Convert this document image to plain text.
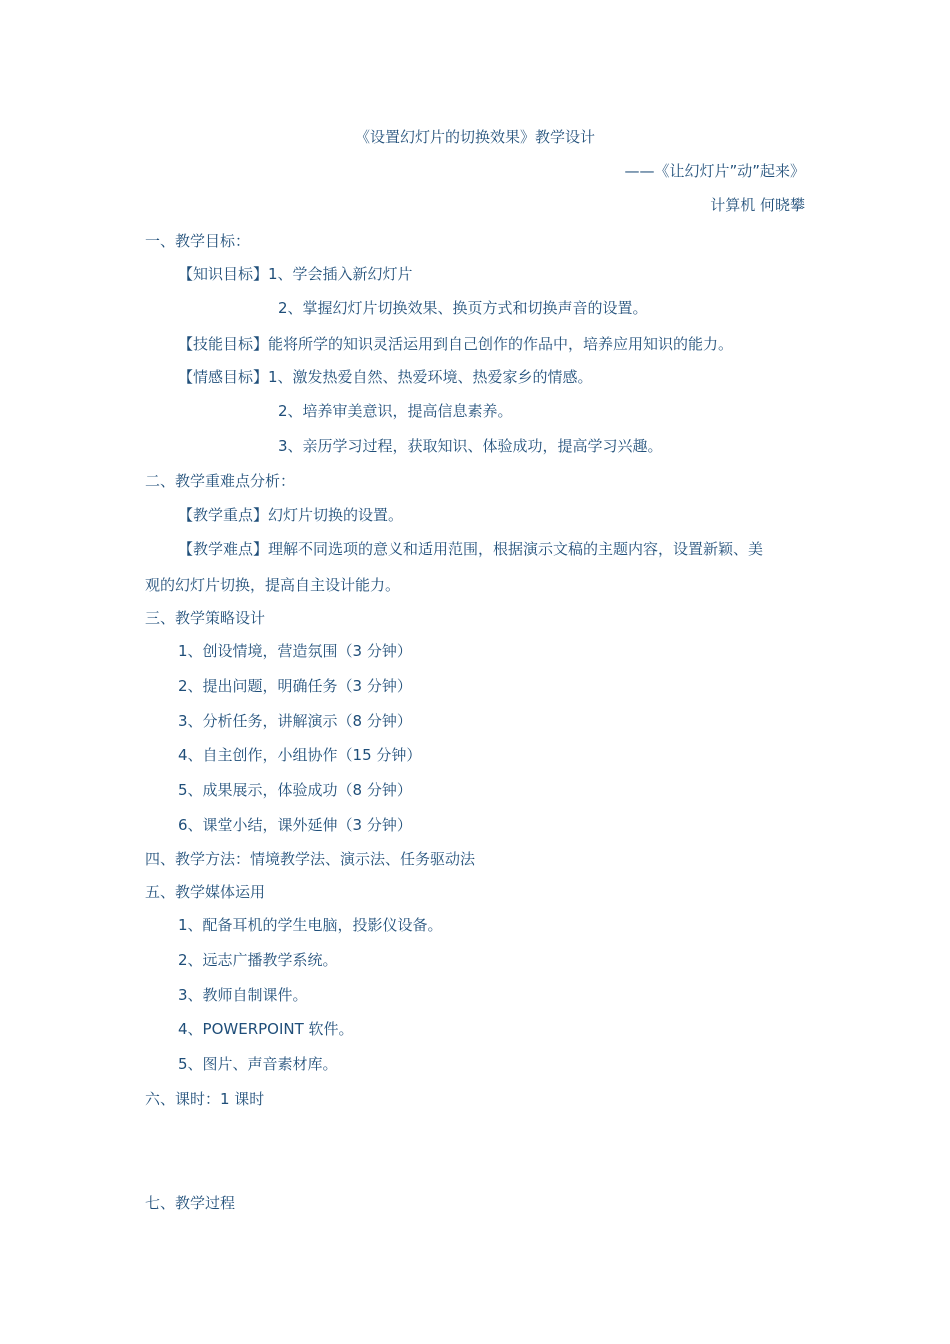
《设置幻灯片的切换效果》教学设计
——《让幻灯片”动”起来》
计算机 何晓攀
一、教学目标：
【知识目标】1、学会插入新幻灯片
2、掌握幻灯片切换效果、换页方式和切换声音的设置。
【技能目标】能将所学的知识灵活运用到自己创作的作品中，培养应用知识的能力。
【情感目标】1、激发热爱自然、热爱环境、热爱家乡的情感。
2、培养审美意识，提高信息素养。
3、亲历学习过程，获取知识、体验成功，提高学习兴趣。
二、教学重难点分析：
【教学重点】幻灯片切换的设置。
【教学难点】理解不同选项的意义和适用范围，根据演示文稿的主题内容，设置新颖、美
观的幻灯片切换，提高自主设计能力。
三、教学策略设计
1、创设情境，营造氛围（3 分钟）
2、提出问题，明确任务（3 分钟）
3、分析任务，讲解演示（8 分钟）
4、自主创作，小组协作（15 分钟）
5、成果展示，体验成功（8 分钟）
6、课堂小结，课外延伸（3 分钟）
四、教学方法：情境教学法、演示法、任务驱动法
五、教学媒体运用
1、配备耳机的学生电脑，投影仪设备。
2、远志广播教学系统。
3、教师自制课件。
4、POWERPOINT 软件。
5、图片、声音素材库。
六、课时：1 课时
七、教学过程
